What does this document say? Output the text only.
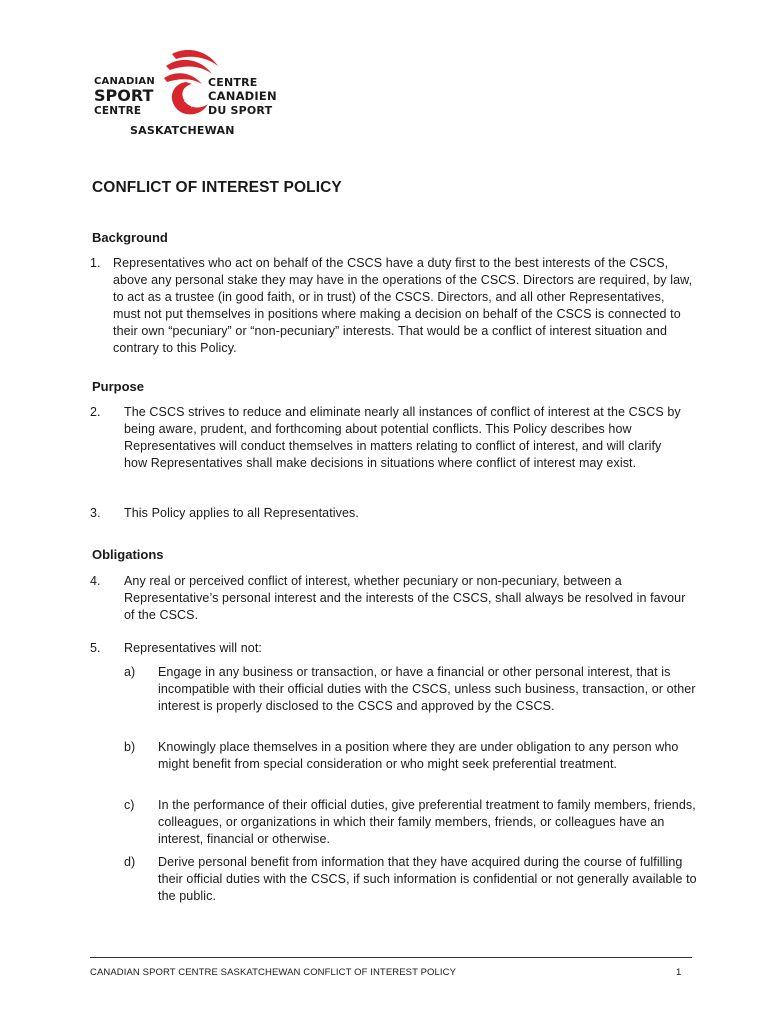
CANADIAN
SPORT
CENTRE
CENTRE
CANADIEN
DU SPORT
SASKATCHEWAN
CONFLICT OF INTEREST POLICY
Background
1. Representatives who act on behalf of the CSCS have a duty first to the best interests of the CSCS, above any personal stake they may have in the operations of the CSCS. Directors are required, by law, to act as a trustee (in good faith, or in trust) of the CSCS. Directors, and all other Representatives, must not put themselves in positions where making a decision on behalf of the CSCS is connected to their own “pecuniary” or “non-pecuniary” interests. That would be a conflict of interest situation and contrary to this Policy.

Purpose
2. The CSCS strives to reduce and eliminate nearly all instances of conflict of interest at the CSCS by being aware, prudent, and forthcoming about potential conflicts. This Policy describes how Representatives will conduct themselves in matters relating to conflict of interest, and will clarify how Representatives shall make decisions in situations where conflict of interest may exist.

3. This Policy applies to all Representatives.

Obligations
4. Any real or perceived conflict of interest, whether pecuniary or non-pecuniary, between a Representative’s personal interest and the interests of the CSCS, shall always be resolved in favour of the CSCS.

5. Representatives will not:

a) Engage in any business or transaction, or have a financial or other personal interest, that is incompatible with their official duties with the CSCS, unless such business, transaction, or other interest is properly disclosed to the CSCS and approved by the CSCS.

b) Knowingly place themselves in a position where they are under obligation to any person who might benefit from special consideration or who might seek preferential treatment.

c) In the performance of their official duties, give preferential treatment to family members, friends, colleagues, or organizations in which their family members, friends, or colleagues have an interest, financial or otherwise.

d) Derive personal benefit from information that they have acquired during the course of fulfilling their official duties with the CSCS, if such information is confidential or not generally available to the public.

CANADIAN SPORT CENTRE SASKATCHEWAN CONFLICT OF INTEREST POLICY	1
